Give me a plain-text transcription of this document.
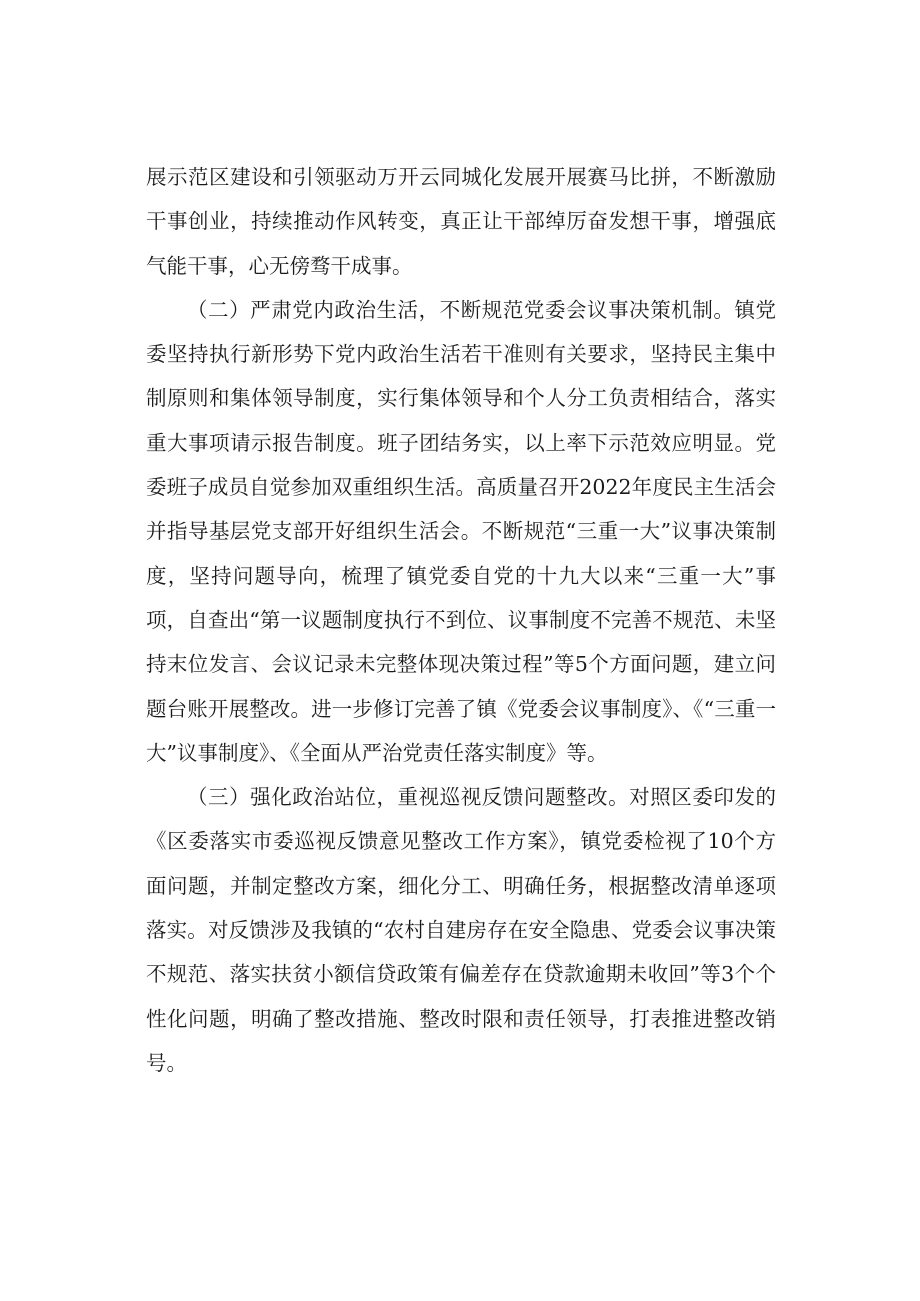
展示范区建设和引领驱动万开云同城化发展开展赛马比拼，不断激励干事创业，持续推动作风转变，真正让干部绰厉奋发想干事，增强底气能干事，心无傍骛干成事。

（二）严肃党内政治生活，不断规范党委会议事决策机制。镇党委坚持执行新形势下党内政治生活若干准则有关要求，坚持民主集中制原则和集体领导制度，实行集体领导和个人分工负责相结合，落实重大事项请示报告制度。班子团结务实，以上率下示范效应明显。党委班子成员自觉参加双重组织生活。高质量召开2022年度民主生活会并指导基层党支部开好组织生活会。不断规范“三重一大”议事决策制度，坚持问题导向，梳理了镇党委自党的十九大以来“三重一大”事项，自查出“第一议题制度执行不到位、议事制度不完善不规范、未坚持末位发言、会议记录未完整体现决策过程”等5个方面问题，建立问题台账开展整改。进一步修订完善了镇《党委会议事制度》、《“三重一大”议事制度》、《全面从严治党责任落实制度》等。

（三）强化政治站位，重视巡视反馈问题整改。对照区委印发的《区委落实市委巡视反馈意见整改工作方案》，镇党委检视了10个方面问题，并制定整改方案，细化分工、明确任务，根据整改清单逐项落实。对反馈涉及我镇的“农村自建房存在安全隐患、党委会议事决策不规范、落实扶贫小额信贷政策有偏差存在贷款逾期未收回”等3个个性化问题，明确了整改措施、整改时限和责任领导，打表推进整改销号。
